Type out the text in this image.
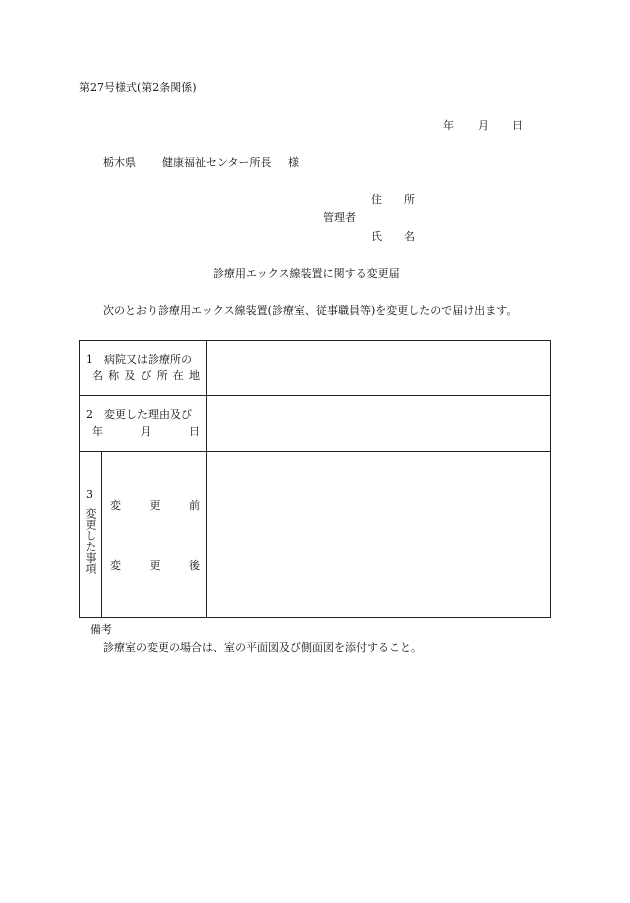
第27号様式(第2条関係)
年 月 日
栃木県 健康福祉センター所長 様
住　　所
管理者
氏　　名
診療用エックス線装置に関する変更届
次のとおり診療用エックス線装置(診療室、従事職員等)を変更したので届け出ます。
1　病院又は診療所の
名 称 及 び 所 在 地
2　変更した理由及び
年	月	日
3
変更した事項
変	更	前
変	更	後
備考
診療室の変更の場合は、室の平面図及び側面図を添付すること。
